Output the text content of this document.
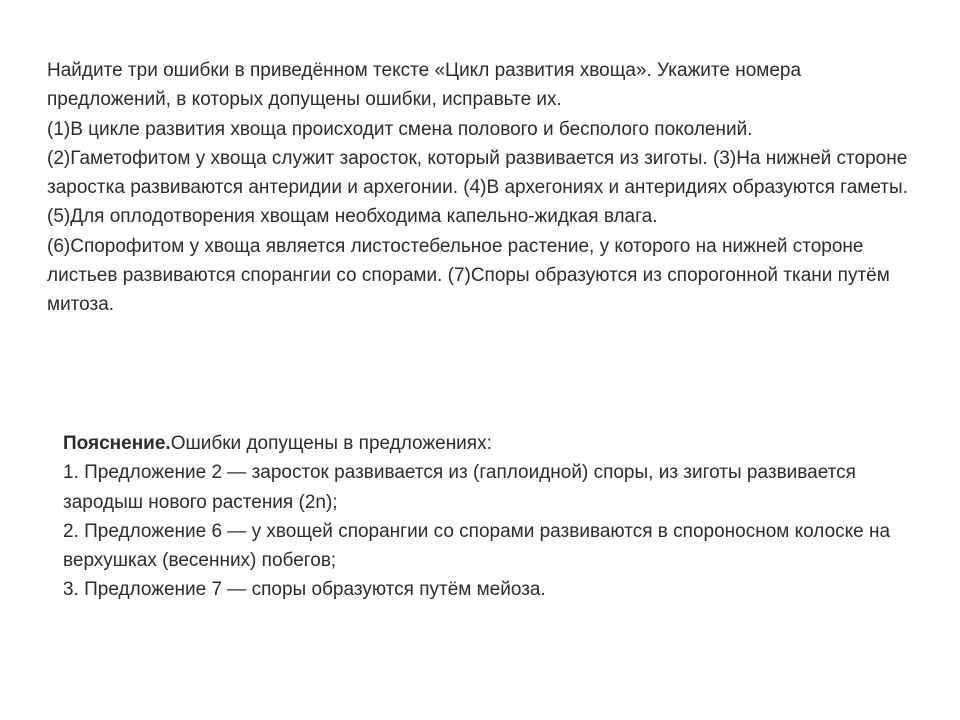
Найдите три ошибки в приведённом тексте «Цикл развития хвоща». Укажите номера предложений, в которых допущены ошибки, исправьте их.

(1)В цикле развития хвоща происходит смена полового и бесполого поколений.

(2)Гаметофитом у хвоща служит заросток, который развивается из зиготы. (3)На нижней стороне заростка развиваются антеридии и архегонии. (4)В архегониях и антеридиях образуются гаметы. (5)Для оплодотворения хвощам необходима капельно-жидкая влага.

(6)Спорофитом у хвоща является листостебельное растение, у которого на нижней стороне листьев развиваются спорангии со спорами. (7)Споры образуются из спорогонной ткани путём митоза.

Пояснение.Ошибки допущены в предложениях:

1. Предложение 2 — заросток развивается из (гаплоидной) споры, из зиготы развивается зародыш нового растения (2n);

2. Предложение 6 — у хвощей спорангии со спорами развиваются в спороносном колоске на верхушках (весенних) побегов;

3. Предложение 7 — споры образуются путём мейоза.
